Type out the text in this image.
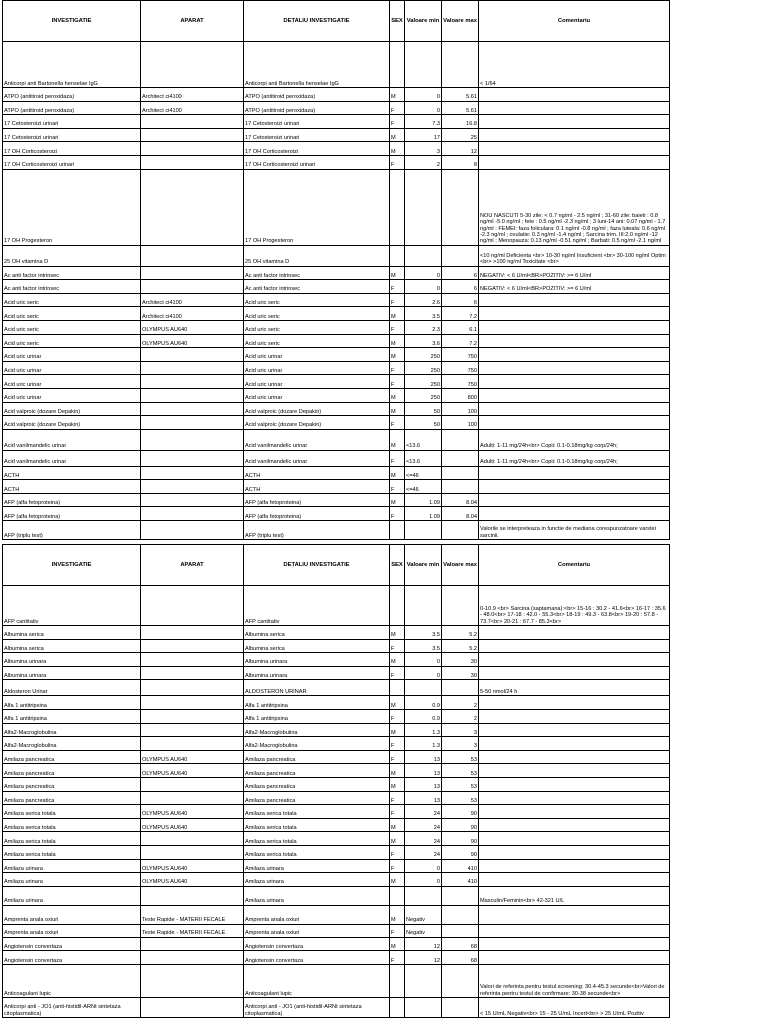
INVESTIGATIE	APARAT	DETALIU INVESTIGATIE	SEX	Valoare min	Valoare max	Comentariu
Anticorpi anti Bartonella henselae IgG		Anticorpi anti Bartonella henselae IgG				< 1/64
ATPO (antitiroid peroxidaza)	Architect ci4100	ATPO (antitiroid peroxidaza)	M	0	5.61	
ATPO (antitiroid peroxidaza)	Architect ci4100	ATPO (antitiroid peroxidaza)	F	0	5.61	
17 Cetosteroizi urinari		17 Cetosteroizi urinari	F	7.3	16.8	
17 Cetosteroizi urinari		17 Cetosteroizi urinari	M	17	25	
17 OH Corticosteroizi		17 OH Corticosteroizi	M	3	12	
17 OH Corticosteroizi urinari		17 OH Corticosteroizi urinari	F	2	8	
17 OH Progesteron		17 OH Progesteron				NOU NASCUTI 5-30 zile: < 0.7 ng/ml - 2.5 ng/ml ; 31-60 zile: baieti : 0.8 ng/ml -5.0 ng/ml ; fete : 0.5 ng/ml -2.3 ng/ml ; 3 luni-14 ani: 0.07 ng/ml - 1.7 ng/ml : FEMEI: faza foliculara: 0.1 ng/ml -0.8 ng/ml ; faza luteala: 0.6 ng/ml -2.3 ng/ml ; ovulatie: 0.3 ng/ml -1.4 ng/ml ; Sarcina trim. III:2.0 ng/ml -12 ng/ml ; Menopauza: 0.13 ng/ml -0.51 ng/ml ; Barbati: 0.5 ng/ml -2.1 ng/ml
25 OH vitamina D		25 OH vitamina D				<10 ng/ml Deficienta <br> 10-30 ng/ml Insuficient <br> 30-100 ng/ml Optim <br> >100 ng/ml Toxicitate <br>
Ac anti factor intrinsec		Ac anti factor intrinsec	M	0	6	NEGATIV: < 6 U/ml<BR>POZITIV: >= 6 U/ml
Ac anti factor intrinsec		Ac anti factor intrinsec	F	0	6	NEGATIV: < 6 U/ml<BR>POZITIV: >= 6 U/ml
Acid uric seric	Architect ci4100	Acid uric seric	F	2.6	6	
Acid uric seric	Architect ci4100	Acid uric seric	M	3.5	7.2	
Acid uric seric	OLYMPUS AU640	Acid uric seric	F	2.3	6.1	
Acid uric seric	OLYMPUS AU640	Acid uric seric	M	3.6	7.2	
Acid uric urinar		Acid uric urinar	M	250	750	
Acid uric urinar		Acid uric urinar	F	250	750	
Acid uric urinar		Acid uric urinar	F	250	750	
Acid uric urinar		Acid uric urinar	M	250	800	
Acid valproic (dozare Depakin)		Acid valproic (dozare Depakin)	M	50	100	
Acid valproic (dozare Depakin)		Acid valproic (dozare Depakin)	F	50	100	
Acid vanilmandelic urinar		Acid vanilmandelic urinar	M	<13.6		Adulti: 1-11 mg/24h<br> Copii: 0.1-0.18mg/kg corp/24h;
Acid vanilmandelic urinar		Acid vanilmandelic urinar	F	<13.6		Adulti: 1-11 mg/24h<br> Copii: 0.1-0.18mg/kg corp/24h;
ACTH		ACTH	M	<=46		
ACTH		ACTH	F	<=46		
AFP (alfa fetoproteina)		AFP (alfa fetoproteina)	M	1.09	8.04	
AFP (alfa fetoproteina)		AFP (alfa fetoproteina)	F	1.09	8.04	
AFP (triplu test)		AFP (triplu test)				Valorile se interpreteaza in functie de mediana corespunzatoare varstei sarcinii.
INVESTIGATIE	APARAT	DETALIU INVESTIGATIE	SEX	Valoare min	Valoare max	Comentariu
AFP cantitativ		AFP cantitativ				0-10.9 <br> Sarcina (saptamana):<br> 15-16 : 30.2 - 41.6<br> 16-17 : 35.6 - 48.0<br> 17-18 : 42.0 - 55.3<br> 18-19 : 49.3 - 63.8<br> 19-20 : 57.8 - 73.7<br> 20-21 : 67.7 - 85.3<br>
Albumina serica		Albumina serica	M	3.5	5.2	
Albumina serica		Albumina serica	F	3.5	5.2	
Albumina urinara		Albumina urinara	M	0	30	
Albumina urinara		Albumina urinara	F	0	30	
Aldosteron Urinar		ALDOSTERON URINAR				5-50 nmol/24 h
Alfa 1 antitripsina		Alfa 1 antitripsina	M	0.9	2	
Alfa 1 antitripsina		Alfa 1 antitripsina	F	0.9	2	
Alfa2-Macroglobulina		Alfa2-Macroglobulina	M	1.3	3	
Alfa2-Macroglobulina		Alfa2-Macroglobulina	F	1.3	3	
Amilaza pancreatica	OLYMPUS AU640	Amilaza pancreatica	F	13	53	
Amilaza pancreatica	OLYMPUS AU640	Amilaza pancreatica	M	13	53	
Amilaza pancreatica		Amilaza pancreatica	M	13	53	
Amilaza pancreatica		Amilaza pancreatica	F	13	53	
Amilaza serica totala	OLYMPUS AU640	Amilaza serica totala	F	24	90	
Amilaza serica totala	OLYMPUS AU640	Amilaza serica totala	M	24	90	
Amilaza serica totala		Amilaza serica totala	M	24	90	
Amilaza serica totala		Amilaza serica totala	F	24	90	
Amilaza urinara	OLYMPUS AU640	Amilaza urinara	F	0	410	
Amilaza urinara	OLYMPUS AU640	Amilaza urinara	M	0	410	
Amilaza urinara		Amilaza urinara				Masculin/Feminin<br> 42-321 U/L
Amprenta anala oxiuri	Teste Rapide - MATERII FECALE	Amprenta anala oxiuri	M	Negativ		
Amprenta anala oxiuri	Teste Rapide - MATERII FECALE	Amprenta anala oxiuri	F	Negativ		
Angiotensin convertaza		Angiotensin convertaza	M	12	68	
Angiotensin convertaza		Angiotensin convertaza	F	12	68	
Anticoagulant lupic		Anticoagulant lupic				Valori de referinta pentru testul screening: 30.4-45.3 secunde<br>Valori de referinta pentru testul de confirmare: 30-38 secunde<br>
Anticorpi anti - JO1 (anti-histidil-ARNt sintetaza citoplasmatica)		Anticorpi anti - JO1 (anti-histidil-ARNt sintetaza citoplasmatica)				< 15 U/mL Negativ<br> 15 - 25 U/mL Incert<br> > 25 U/mL Pozitiv
